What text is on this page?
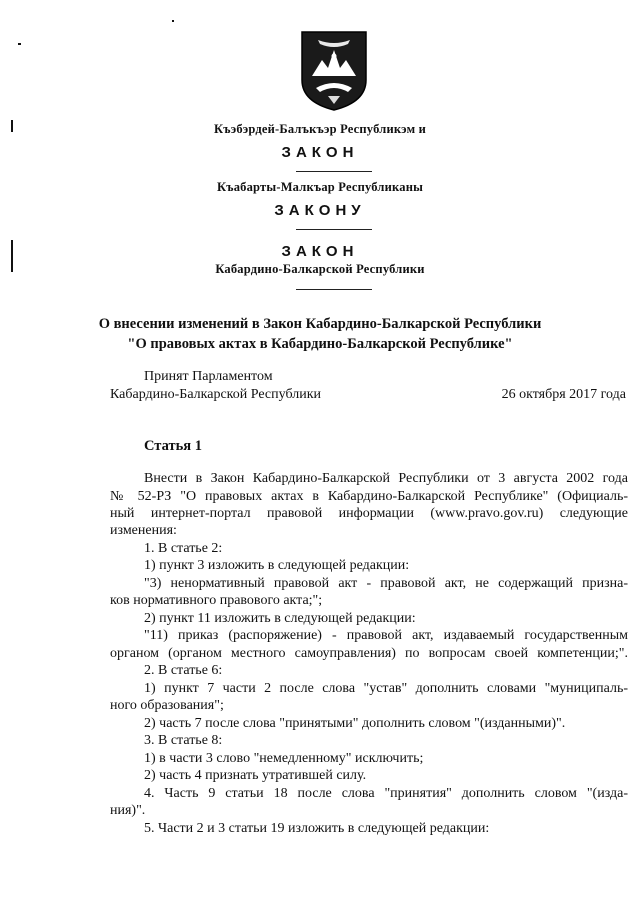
Къэбэрдей-Балъкъэр Республикэм и
ЗАКОН
Къабарты-Малкъар Республиканы
ЗАКОНУ
ЗАКОН
Кабардино-Балкарской Республики
О внесении изменений в Закон Кабардино-Балкарской Республики
"О правовых актах в Кабардино-Балкарской Республике"
Принят Парламентом
Кабардино-Балкарской Республики	26 октября 2017 года
Статья 1
Внести в Закон Кабардино-Балкарской Республики от 3 августа 2002 года
№ 52-РЗ "О правовых актах в Кабардино-Балкарской Республике" (Официаль-
ный интернет-портал правовой информации (www.pravo.gov.ru) следующие
изменения:
1. В статье 2:
1) пункт 3 изложить в следующей редакции:
"3) ненормативный правовой акт - правовой акт, не содержащий призна-
ков нормативного правового акта;";
2) пункт 11 изложить в следующей редакции:
"11) приказ (распоряжение) - правовой акт, издаваемый государственным
органом (органом местного самоуправления) по вопросам своей компетенции;".
2. В статье 6:
1) пункт 7 части 2 после слова "устав" дополнить словами "муниципаль-
ного образования";
2) часть 7 после слова "принятыми" дополнить словом "(изданными)".
3. В статье 8:
1) в части 3 слово "немедленному" исключить;
2) часть 4 признать утратившей силу.
4. Часть 9 статьи 18 после слова "принятия" дополнить словом "(изда-
ния)".
5. Части 2 и 3 статьи 19 изложить в следующей редакции:
